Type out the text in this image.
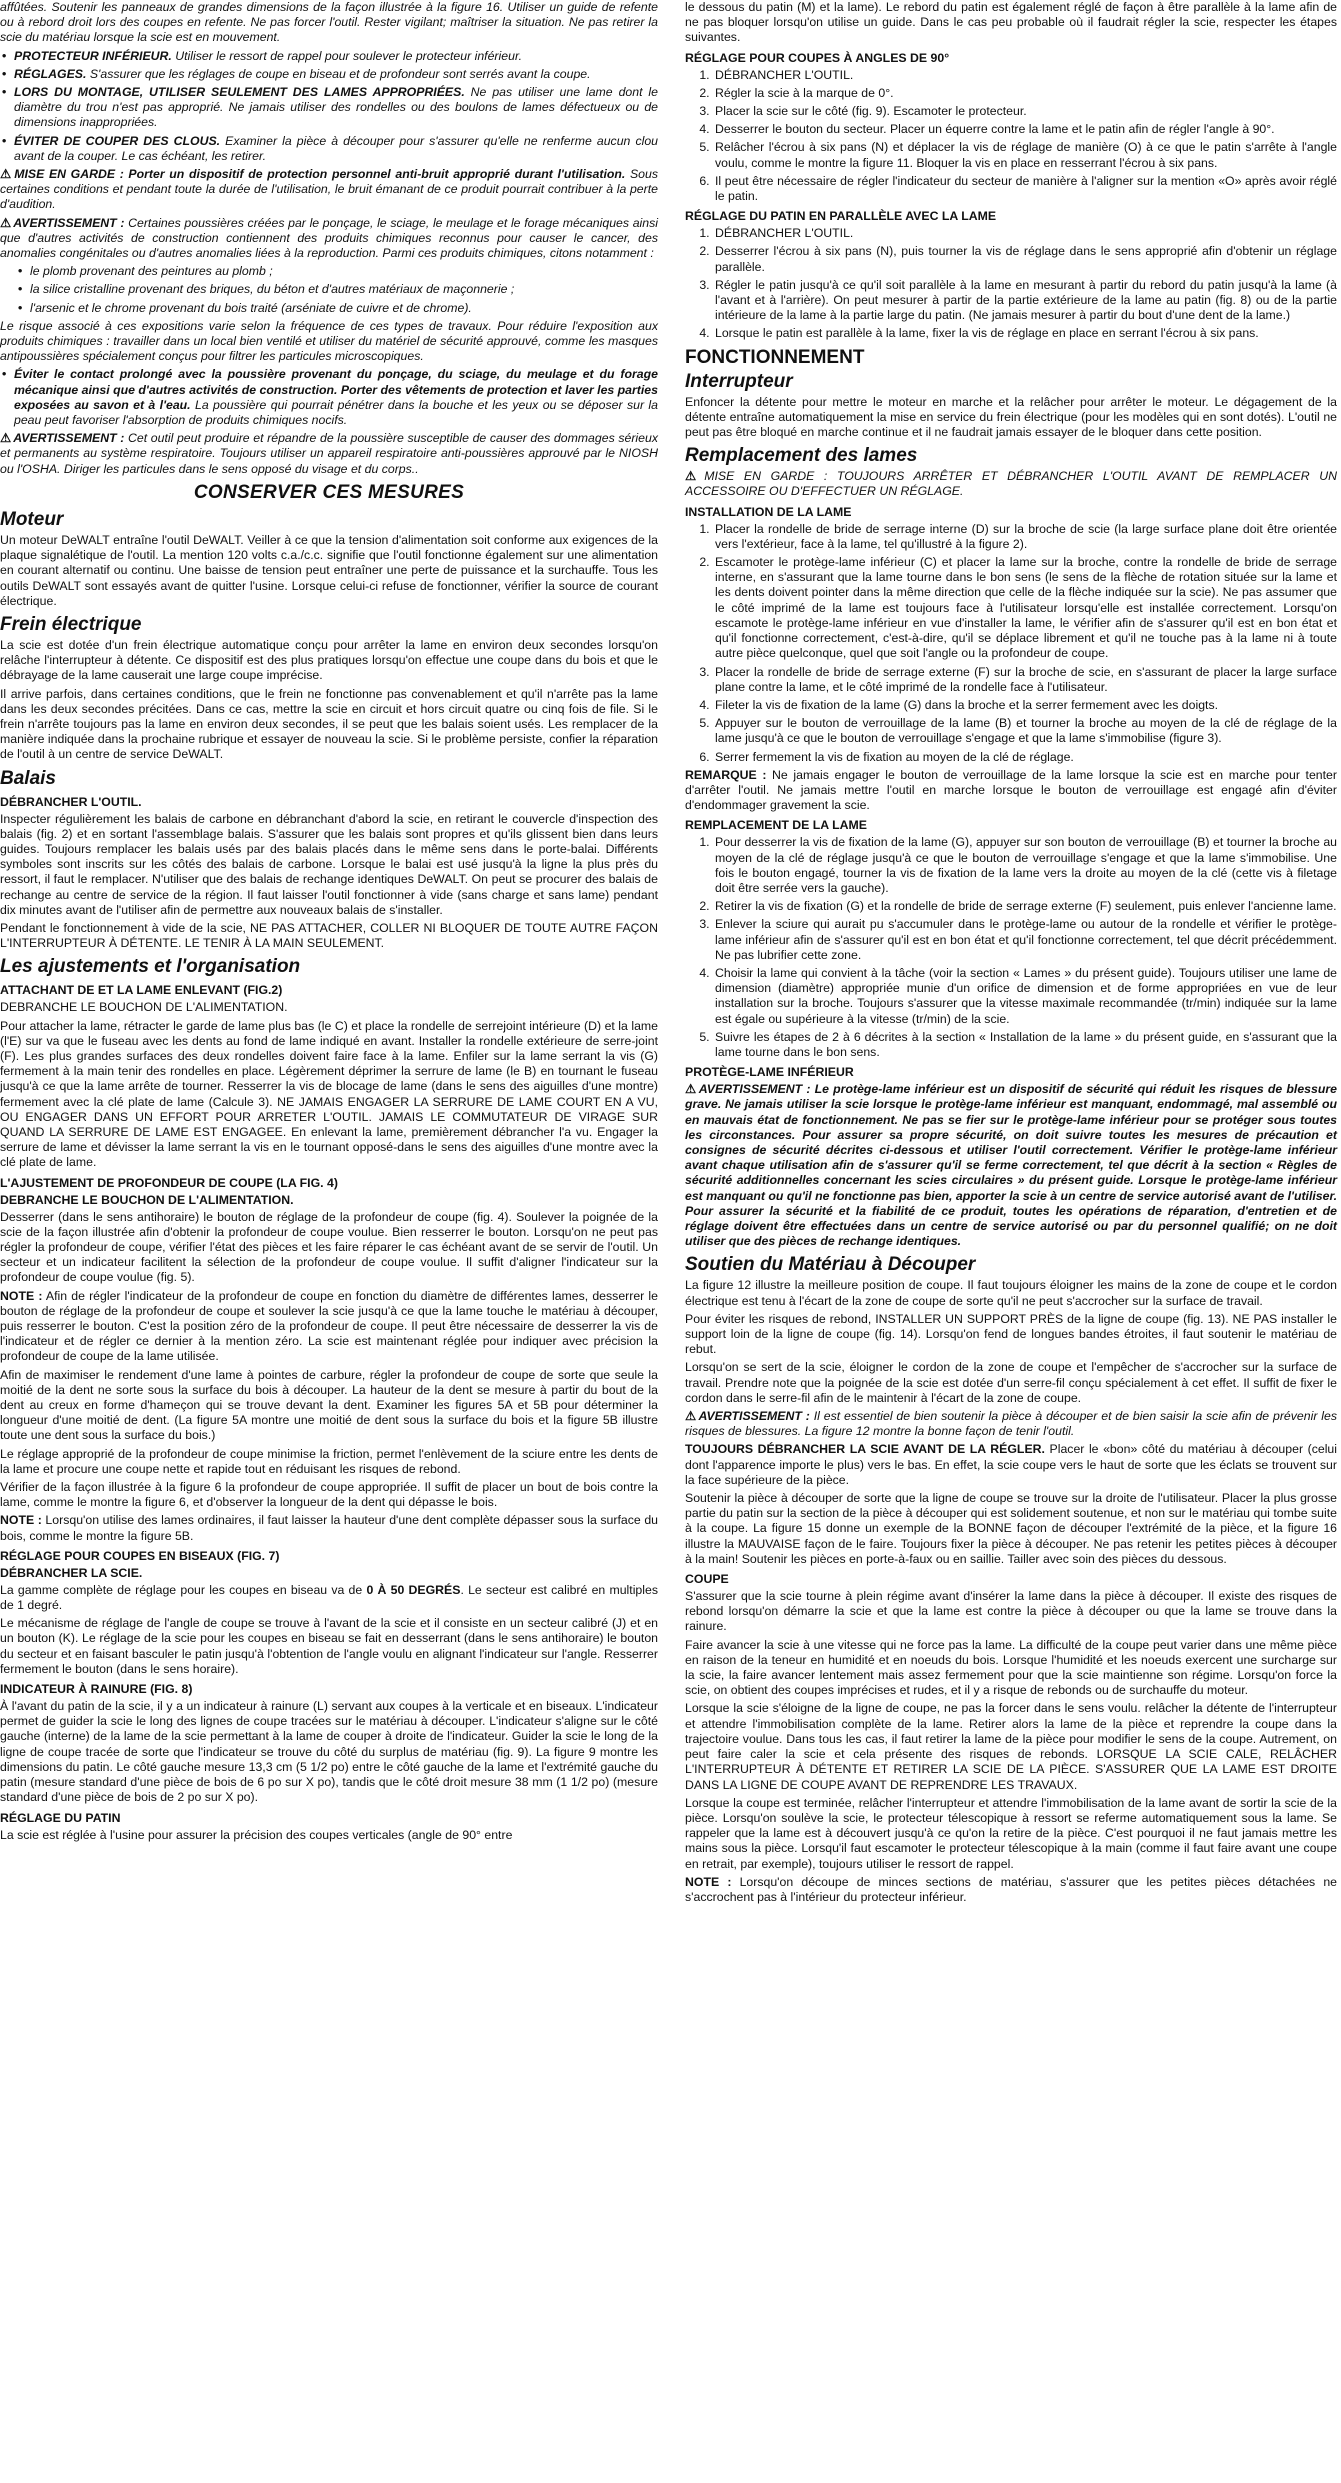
affûtées. Soutenir les panneaux de grandes dimensions de la façon illustrée à la figure 16. Utiliser un guide de refente ou à rebord droit lors des coupes en refente. Ne pas forcer l'outil. Rester vigilant; maîtriser la situation. Ne pas retirer la scie du matériau lorsque la scie est en mouvement.

• PROTECTEUR INFÉRIEUR. Utiliser le ressort de rappel pour soulever le protecteur inférieur.
• RÉGLAGES. S'assurer que les réglages de coupe en biseau et de profondeur sont serrés avant la coupe.
• LORS DU MONTAGE, UTILISER SEULEMENT DES LAMES APPROPRIÉES. Ne pas utiliser une lame dont le diamètre du trou n'est pas approprié. Ne jamais utiliser des rondelles ou des boulons de lames défectueux ou de dimensions inappropriées.
• ÉVITER DE COUPER DES CLOUS. Examiner la pièce à découper pour s'assurer qu'elle ne renferme aucun clou avant de la couper. Le cas échéant, les retirer.

⚠ MISE EN GARDE : Porter un dispositif de protection personnel anti-bruit approprié durant l'utilisation. Sous certaines conditions et pendant toute la durée de l'utilisation, le bruit émanant de ce produit pourrait contribuer à la perte d'audition.

⚠ AVERTISSEMENT : Certaines poussières créées par le ponçage, le sciage, le meulage et le forage mécaniques ainsi que d'autres activités de construction contiennent des produits chimiques reconnus pour causer le cancer, des anomalies congénitales ou d'autres anomalies liées à la reproduction. Parmi ces produits chimiques, citons notamment :

• le plomb provenant des peintures au plomb ;
• la silice cristalline provenant des briques, du béton et d'autres matériaux de maçonnerie ;
• l'arsenic et le chrome provenant du bois traité (arséniate de cuivre et de chrome).

Le risque associé à ces expositions varie selon la fréquence de ces types de travaux. Pour réduire l'exposition aux produits chimiques : travailler dans un local bien ventilé et utiliser du matériel de sécurité approuvé, comme les masques antipoussières spécialement conçus pour filtrer les particules microscopiques.

• Éviter le contact prolongé avec la poussière provenant du ponçage, du sciage, du meulage et du forage mécanique ainsi que d'autres activités de construction. Porter des vêtements de protection et laver les parties exposées au savon et à l'eau. La poussière qui pourrait pénétrer dans la bouche et les yeux ou se déposer sur la peau peut favoriser l'absorption de produits chimiques nocifs.

⚠ AVERTISSEMENT : Cet outil peut produire et répandre de la poussière susceptible de causer des dommages sérieux et permanents au système respiratoire. Toujours utiliser un appareil respiratoire anti-poussières approuvé par le NIOSH ou l'OSHA. Diriger les particules dans le sens opposé du visage et du corps..

CONSERVER CES MESURES
Moteur

Un moteur DeWALT entraîne l'outil DeWALT. Veiller à ce que la tension d'alimentation soit conforme aux exigences de la plaque signalétique de l'outil. La mention 120 volts c.a./c.c. signifie que l'outil fonctionne également sur une alimentation en courant alternatif ou continu. Une baisse de tension peut entraîner une perte de puissance et la surchauffe. Tous les outils DeWALT sont essayés avant de quitter l'usine. Lorsque celui-ci refuse de fonctionner, vérifier la source de courant électrique.

Frein électrique

La scie est dotée d'un frein électrique automatique conçu pour arrêter la lame en environ deux secondes lorsqu'on relâche l'interrupteur à détente. Ce dispositif est des plus pratiques lorsqu'on effectue une coupe dans du bois et que le débrayage de la lame causerait une large coupe imprécise.

Il arrive parfois, dans certaines conditions, que le frein ne fonctionne pas convenablement et qu'il n'arrête pas la lame dans les deux secondes précitées. Dans ce cas, mettre la scie en circuit et hors circuit quatre ou cinq fois de file. Si le frein n'arrête toujours pas la lame en environ deux secondes, il se peut que les balais soient usés. Les remplacer de la manière indiquée dans la prochaine rubrique et essayer de nouveau la scie. Si le problème persiste, confier la réparation de l'outil à un centre de service DeWALT.

Balais
DÉBRANCHER L'OUTIL.

Inspecter régulièrement les balais de carbone en débranchant d'abord la scie, en retirant le couvercle d'inspection des balais (fig. 2) et en sortant l'assemblage balais. S'assurer que les balais sont propres et qu'ils glissent bien dans leurs guides. Toujours remplacer les balais usés par des balais placés dans le même sens dans le porte-balai. Différents symboles sont inscrits sur les côtés des balais de carbone. Lorsque le balai est usé jusqu'à la ligne la plus près du ressort, il faut le remplacer. N'utiliser que des balais de rechange identiques DeWALT. On peut se procurer des balais de rechange au centre de service de la région. Il faut laisser l'outil fonctionner à vide (sans charge et sans lame) pendant dix minutes avant de l'utiliser afin de permettre aux nouveaux balais de s'installer.

Pendant le fonctionnement à vide de la scie, NE PAS ATTACHER, COLLER NI BLOQUER DE TOUTE AUTRE FAÇON L'INTERRUPTEUR À DÉTENTE. LE TENIR À LA MAIN SEULEMENT.

Les ajustements et l'organisation
ATTACHANT DE ET LA LAME ENLEVANT (FIG.2)

DEBRANCHE LE BOUCHON DE L'ALIMENTATION.

Pour attacher la lame, rétracter le garde de lame plus bas (le C) et place la rondelle de serrejoint intérieure (D) et la lame (l'E) sur va que le fuseau avec les dents au fond de lame indiqué en avant. Installer la rondelle extérieure de serre-joint (F). Les plus grandes surfaces des deux rondelles doivent faire face à la lame. Enfiler sur la lame serrant la vis (G) fermement à la main tenir des rondelles en place. Légèrement déprimer la serrure de lame (le B) en tournant le fuseau jusqu'à ce que la lame arrête de tourner. Resserrer la vis de blocage de lame (dans le sens des aiguilles d'une montre) fermement avec la clé plate de lame (Calcule 3). NE JAMAIS ENGAGER LA SERRURE DE LAME COURT EN A VU, OU ENGAGER DANS UN EFFORT POUR ARRETER L'OUTIL. JAMAIS LE COMMUTATEUR DE VIRAGE SUR QUAND LA SERRURE DE LAME EST ENGAGEE. En enlevant la lame, premièrement débrancher l'a vu. Engager la serrure de lame et dévisser la lame serrant la vis en le tournant opposé-dans le sens des aiguilles d'une montre avec la clé plate de lame.

L'AJUSTEMENT DE PROFONDEUR DE COUPE (LA FIG. 4)
DEBRANCHE LE BOUCHON DE L'ALIMENTATION.

Desserrer (dans le sens antihoraire) le bouton de réglage de la profondeur de coupe (fig. 4). Soulever la poignée de la scie de la façon illustrée afin d'obtenir la profondeur de coupe voulue. Bien resserrer le bouton. Lorsqu'on ne peut pas régler la profondeur de coupe, vérifier l'état des pièces et les faire réparer le cas échéant avant de se servir de l'outil. Un secteur et un indicateur facilitent la sélection de la profondeur de coupe voulue. Il suffit d'aligner l'indicateur sur la profondeur de coupe voulue (fig. 5).

NOTE : Afin de régler l'indicateur de la profondeur de coupe en fonction du diamètre de différentes lames, desserrer le bouton de réglage de la profondeur de coupe et soulever la scie jusqu'à ce que la lame touche le matériau à découper, puis resserrer le bouton. C'est la position zéro de la profondeur de coupe. Il peut être nécessaire de desserrer la vis de l'indicateur et de régler ce dernier à la mention zéro. La scie est maintenant réglée pour indiquer avec précision la profondeur de coupe de la lame utilisée.

Afin de maximiser le rendement d'une lame à pointes de carbure, régler la profondeur de coupe de sorte que seule la moitié de la dent ne sorte sous la surface du bois à découper. La hauteur de la dent se mesure à partir du bout de la dent au creux en forme d'hameçon qui se trouve devant la dent. Examiner les figures 5A et 5B pour déterminer la longueur d'une moitié de dent. (La figure 5A montre une moitié de dent sous la surface du bois et la figure 5B illustre toute une dent sous la surface du bois.)

Le réglage approprié de la profondeur de coupe minimise la friction, permet l'enlèvement de la sciure entre les dents de la lame et procure une coupe nette et rapide tout en réduisant les risques de rebond.

Vérifier de la façon illustrée à la figure 6 la profondeur de coupe appropriée. Il suffit de placer un bout de bois contre la lame, comme le montre la figure 6, et d'observer la longueur de la dent qui dépasse le bois.

NOTE : Lorsqu'on utilise des lames ordinaires, il faut laisser la hauteur d'une dent complète dépasser sous la surface du bois, comme le montre la figure 5B.

RÉGLAGE POUR COUPES EN BISEAUX (FIG. 7)
DÉBRANCHER LA SCIE.

La gamme complète de réglage pour les coupes en biseau va de 0 À 50 DEGRÉS. Le secteur est calibré en multiples de 1 degré.

Le mécanisme de réglage de l'angle de coupe se trouve à l'avant de la scie et il consiste en un secteur calibré (J) et en un bouton (K). Le réglage de la scie pour les coupes en biseau se fait en desserrant (dans le sens antihoraire) le bouton du secteur et en faisant basculer le patin jusqu'à l'obtention de l'angle voulu en alignant l'indicateur sur l'angle. Resserrer fermement le bouton (dans le sens horaire).

INDICATEUR À RAINURE (FIG. 8)

À l'avant du patin de la scie, il y a un indicateur à rainure (L) servant aux coupes à la verticale et en biseaux. L'indicateur permet de guider la scie le long des lignes de coupe tracées sur le matériau à découper. L'indicateur s'aligne sur le côté gauche (interne) de la lame de la scie permettant à la lame de couper à droite de l'indicateur. Guider la scie le long de la ligne de coupe tracée de sorte que l'indicateur se trouve du côté du surplus de matériau (fig. 9). La figure 9 montre les dimensions du patin. Le côté gauche mesure 13,3 cm (5 1/2 po) entre le côté gauche de la lame et l'extrémité gauche du patin (mesure standard d'une pièce de bois de 6 po sur X po), tandis que le côté droit mesure 38 mm (1 1/2 po) (mesure standard d'une pièce de bois de 2 po sur X po).

RÉGLAGE DU PATIN

La scie est réglée à l'usine pour assurer la précision des coupes verticales (angle de 90° entre

le dessous du patin (M) et la lame). Le rebord du patin est également réglé de façon à être parallèle à la lame afin de ne pas bloquer lorsqu'on utilise un guide. Dans le cas peu probable où il faudrait régler la scie, respecter les étapes suivantes.

RÉGLAGE POUR COUPES À ANGLES DE 90°
1. DÉBRANCHER L'OUTIL.
2. Régler la scie à la marque de 0°.
3. Placer la scie sur le côté (fig. 9). Escamoter le protecteur.
4. Desserrer le bouton du secteur. Placer un équerre contre la lame et le patin afin de régler l'angle à 90°.
5. Relâcher l'écrou à six pans (N) et déplacer la vis de réglage de manière (O) à ce que le patin s'arrête à l'angle voulu, comme le montre la figure 11. Bloquer la vis en place en resserrant l'écrou à six pans.
6. Il peut être nécessaire de régler l'indicateur du secteur de manière à l'aligner sur la mention «O» après avoir réglé le patin.
RÉGLAGE DU PATIN EN PARALLÈLE AVEC LA LAME
1. DÉBRANCHER L'OUTIL.
2. Desserrer l'écrou à six pans (N), puis tourner la vis de réglage dans le sens approprié afin d'obtenir un réglage parallèle.
3. Régler le patin jusqu'à ce qu'il soit parallèle à la lame en mesurant à partir du rebord du patin jusqu'à la lame (à l'avant et à l'arrière). On peut mesurer à partir de la partie extérieure de la lame au patin (fig. 8) ou de la partie intérieure de la lame à la partie large du patin. (Ne jamais mesurer à partir du bout d'une dent de la lame.)
4. Lorsque le patin est parallèle à la lame, fixer la vis de réglage en place en serrant l'écrou à six pans.
FONCTIONNEMENT
Interrupteur

Enfoncer la détente pour mettre le moteur en marche et la relâcher pour arrêter le moteur. Le dégagement de la détente entraîne automatiquement la mise en service du frein électrique (pour les modèles qui en sont dotés). L'outil ne peut pas être bloqué en marche continue et il ne faudrait jamais essayer de le bloquer dans cette position.

Remplacement des lames

⚠ MISE EN GARDE : TOUJOURS ARRÊTER ET DÉBRANCHER L'OUTIL AVANT DE REMPLACER UN ACCESSOIRE OU D'EFFECTUER UN RÉGLAGE.

INSTALLATION DE LA LAME
1. Placer la rondelle de bride de serrage interne (D) sur la broche de scie (la large surface plane doit être orientée vers l'extérieur, face à la lame, tel qu'illustré à la figure 2).
2. Escamoter le protège-lame inférieur (C) et placer la lame sur la broche, contre la rondelle de bride de serrage interne, en s'assurant que la lame tourne dans le bon sens (le sens de la flèche de rotation située sur la lame et les dents doivent pointer dans la même direction que celle de la flèche indiquée sur la scie). Ne pas assumer que le côté imprimé de la lame est toujours face à l'utilisateur lorsqu'elle est installée correctement. Lorsqu'on escamote le protège-lame inférieur en vue d'installer la lame, le vérifier afin de s'assurer qu'il est en bon état et qu'il fonctionne correctement, c'est-à-dire, qu'il se déplace librement et qu'il ne touche pas à la lame ni à toute autre pièce quelconque, quel que soit l'angle ou la profondeur de coupe.
3. Placer la rondelle de bride de serrage externe (F) sur la broche de scie, en s'assurant de placer la large surface plane contre la lame, et le côté imprimé de la rondelle face à l'utilisateur.
4. Fileter la vis de fixation de la lame (G) dans la broche et la serrer fermement avec les doigts.
5. Appuyer sur le bouton de verrouillage de la lame (B) et tourner la broche au moyen de la clé de réglage de la lame jusqu'à ce que le bouton de verrouillage s'engage et que la lame s'immobilise (figure 3).
6. Serrer fermement la vis de fixation au moyen de la clé de réglage.

REMARQUE : Ne jamais engager le bouton de verrouillage de la lame lorsque la scie est en marche pour tenter d'arrêter l'outil. Ne jamais mettre l'outil en marche lorsque le bouton de verrouillage est engagé afin d'éviter d'endommager gravement la scie.

REMPLACEMENT DE LA LAME
1. Pour desserrer la vis de fixation de la lame (G), appuyer sur son bouton de verrouillage (B) et tourner la broche au moyen de la clé de réglage jusqu'à ce que le bouton de verrouillage s'engage et que la lame s'immobilise. Une fois le bouton engagé, tourner la vis de fixation de la lame vers la droite au moyen de la clé (cette vis à filetage doit être serrée vers la gauche).
2. Retirer la vis de fixation (G) et la rondelle de bride de serrage externe (F) seulement, puis enlever l'ancienne lame.
3. Enlever la sciure qui aurait pu s'accumuler dans le protège-lame ou autour de la rondelle et vérifier le protège-lame inférieur afin de s'assurer qu'il est en bon état et qu'il fonctionne correctement, tel que décrit précédemment. Ne pas lubrifier cette zone.
4. Choisir la lame qui convient à la tâche (voir la section « Lames » du présent guide). Toujours utiliser une lame de dimension (diamètre) appropriée munie d'un orifice de dimension et de forme appropriées en vue de leur installation sur la broche. Toujours s'assurer que la vitesse maximale recommandée (tr/min) indiquée sur la lame est égale ou supérieure à la vitesse (tr/min) de la scie.
5. Suivre les étapes de 2 à 6 décrites à la section « Installation de la lame » du présent guide, en s'assurant que la lame tourne dans le bon sens.
PROTÈGE-LAME INFÉRIEUR

⚠ AVERTISSEMENT : Le protège-lame inférieur est un dispositif de sécurité qui réduit les risques de blessure grave. Ne jamais utiliser la scie lorsque le protège-lame inférieur est manquant, endommagé, mal assemblé ou en mauvais état de fonctionnement. Ne pas se fier sur le protège-lame inférieur pour se protéger sous toutes les circonstances. Pour assurer sa propre sécurité, on doit suivre toutes les mesures de précaution et consignes de sécurité décrites ci-dessous et utiliser l'outil correctement. Vérifier le protège-lame inférieur avant chaque utilisation afin de s'assurer qu'il se ferme correctement, tel que décrit à la section « Règles de sécurité additionnelles concernant les scies circulaires » du présent guide. Lorsque le protège-lame inférieur est manquant ou qu'il ne fonctionne pas bien, apporter la scie à un centre de service autorisé avant de l'utiliser. Pour assurer la sécurité et la fiabilité de ce produit, toutes les opérations de réparation, d'entretien et de réglage doivent être effectuées dans un centre de service autorisé ou par du personnel qualifié; on ne doit utiliser que des pièces de rechange identiques.

Soutien du Matériau à Découper

La figure 12 illustre la meilleure position de coupe. Il faut toujours éloigner les mains de la zone de coupe et le cordon électrique est tenu à l'écart de la zone de coupe de sorte qu'il ne peut s'accrocher sur la surface de travail.

Pour éviter les risques de rebond, INSTALLER UN SUPPORT PRÈS de la ligne de coupe (fig. 13). NE PAS installer le support loin de la ligne de coupe (fig. 14). Lorsqu'on fend de longues bandes étroites, il faut soutenir le matériau de rebut.

Lorsqu'on se sert de la scie, éloigner le cordon de la zone de coupe et l'empêcher de s'accrocher sur la surface de travail. Prendre note que la poignée de la scie est dotée d'un serre-fil conçu spécialement à cet effet. Il suffit de fixer le cordon dans le serre-fil afin de le maintenir à l'écart de la zone de coupe.

⚠ AVERTISSEMENT : Il est essentiel de bien soutenir la pièce à découper et de bien saisir la scie afin de prévenir les risques de blessures. La figure 12 montre la bonne façon de tenir l'outil.

TOUJOURS DÉBRANCHER LA SCIE AVANT DE LA RÉGLER. Placer le «bon» côté du matériau à découper (celui dont l'apparence importe le plus) vers le bas. En effet, la scie coupe vers le haut de sorte que les éclats se trouvent sur la face supérieure de la pièce.

Soutenir la pièce à découper de sorte que la ligne de coupe se trouve sur la droite de l'utilisateur. Placer la plus grosse partie du patin sur la section de la pièce à découper qui est solidement soutenue, et non sur le matériau qui tombe suite à la coupe. La figure 15 donne un exemple de la BONNE façon de découper l'extrémité de la pièce, et la figure 16 illustre la MAUVAISE façon de le faire. Toujours fixer la pièce à découper. Ne pas retenir les petites pièces à découper à la main! Soutenir les pièces en porte-à-faux ou en saillie. Tailler avec soin des pièces du dessous.

COUPE

S'assurer que la scie tourne à plein régime avant d'insérer la lame dans la pièce à découper. Il existe des risques de rebond lorsqu'on démarre la scie et que la lame est contre la pièce à découper ou que la lame se trouve dans la rainure.

Faire avancer la scie à une vitesse qui ne force pas la lame. La difficulté de la coupe peut varier dans une même pièce en raison de la teneur en humidité et en noeuds du bois. Lorsque l'humidité et les noeuds exercent une surcharge sur la scie, la faire avancer lentement mais assez fermement pour que la scie maintienne son régime. Lorsqu'on force la scie, on obtient des coupes imprécises et rudes, et il y a risque de rebonds ou de surchauffe du moteur.

Lorsque la scie s'éloigne de la ligne de coupe, ne pas la forcer dans le sens voulu. relâcher la détente de l'interrupteur et attendre l'immobilisation complète de la lame. Retirer alors la lame de la pièce et reprendre la coupe dans la trajectoire voulue. Dans tous les cas, il faut retirer la lame de la pièce pour modifier le sens de la coupe. Autrement, on peut faire caler la scie et cela présente des risques de rebonds. LORSQUE LA SCIE CALE, RELÂCHER L'INTERRUPTEUR À DÉTENTE ET RETIRER LA SCIE DE LA PIÈCE. S'ASSURER QUE LA LAME EST DROITE DANS LA LIGNE DE COUPE AVANT DE REPRENDRE LES TRAVAUX.

Lorsque la coupe est terminée, relâcher l'interrupteur et attendre l'immobilisation de la lame avant de sortir la scie de la pièce. Lorsqu'on soulève la scie, le protecteur télescopique à ressort se referme automatiquement sous la lame. Se rappeler que la lame est à découvert jusqu'à ce qu'on la retire de la pièce. C'est pourquoi il ne faut jamais mettre les mains sous la pièce. Lorsqu'il faut escamoter le protecteur télescopique à la main (comme il faut faire avant une coupe en retrait, par exemple), toujours utiliser le ressort de rappel.

NOTE : Lorsqu'on découpe de minces sections de matériau, s'assurer que les petites pièces détachées ne s'accrochent pas à l'intérieur du protecteur inférieur.
